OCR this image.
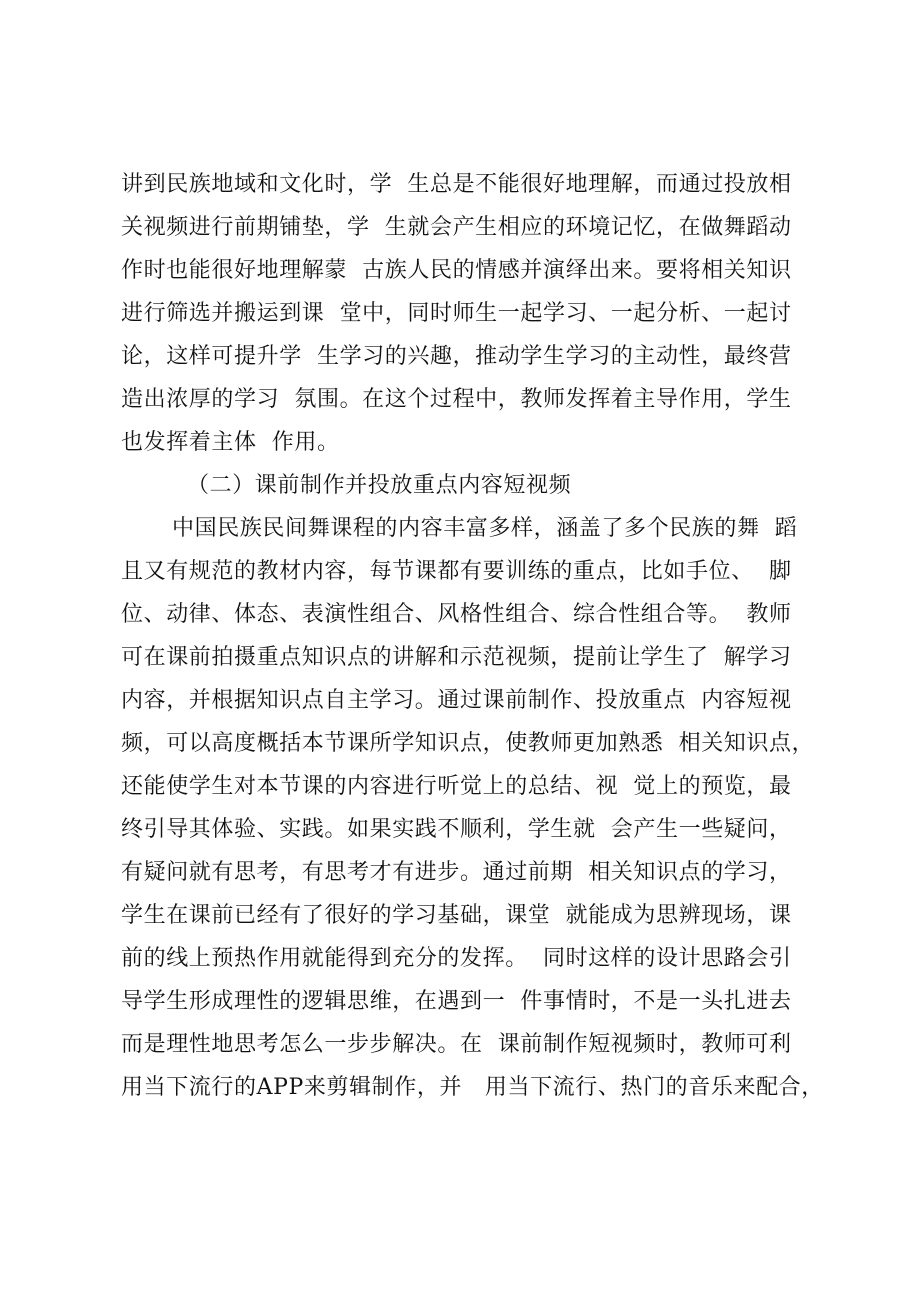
讲到民族地域和文化时，学  生总是不能很好地理解，而通过投放相
关视频进行前期铺垫，学  生就会产生相应的环境记忆，在做舞蹈动
作时也能很好地理解蒙  古族人民的情感并演绎出来。要将相关知识
进行筛选并搬运到课  堂中，同时师生一起学习、一起分析、一起讨
论，这样可提升学  生学习的兴趣，推动学生学习的主动性，最终营
造出浓厚的学习  氛围。在这个过程中，教师发挥着主导作用，学生
也发挥着主体  作用。
（二）课前制作并投放重点内容短视频
中国民族民间舞课程的内容丰富多样，涵盖了多个民族的舞  蹈
且又有规范的教材内容，每节课都有要训练的重点，比如手位、  脚
位、动律、体态、表演性组合、风格性组合、综合性组合等。  教师
可在课前拍摄重点知识点的讲解和示范视频，提前让学生了  解学习
内容，并根据知识点自主学习。通过课前制作、投放重点  内容短视
频，可以高度概括本节课所学知识点，使教师更加熟悉  相关知识点，
还能使学生对本节课的内容进行听觉上的总结、视  觉上的预览，最
终引导其体验、实践。如果实践不顺利，学生就  会产生一些疑问，
有疑问就有思考，有思考才有进步。通过前期  相关知识点的学习，
学生在课前已经有了很好的学习基础，课堂  就能成为思辨现场，课
前的线上预热作用就能得到充分的发挥。  同时这样的设计思路会引
导学生形成理性的逻辑思维，在遇到一  件事情时，不是一头扎进去
而是理性地思考怎么一步步解决。在  课前制作短视频时，教师可利
用当下流行的APP来剪辑制作，并   用当下流行、热门的音乐来配合，
